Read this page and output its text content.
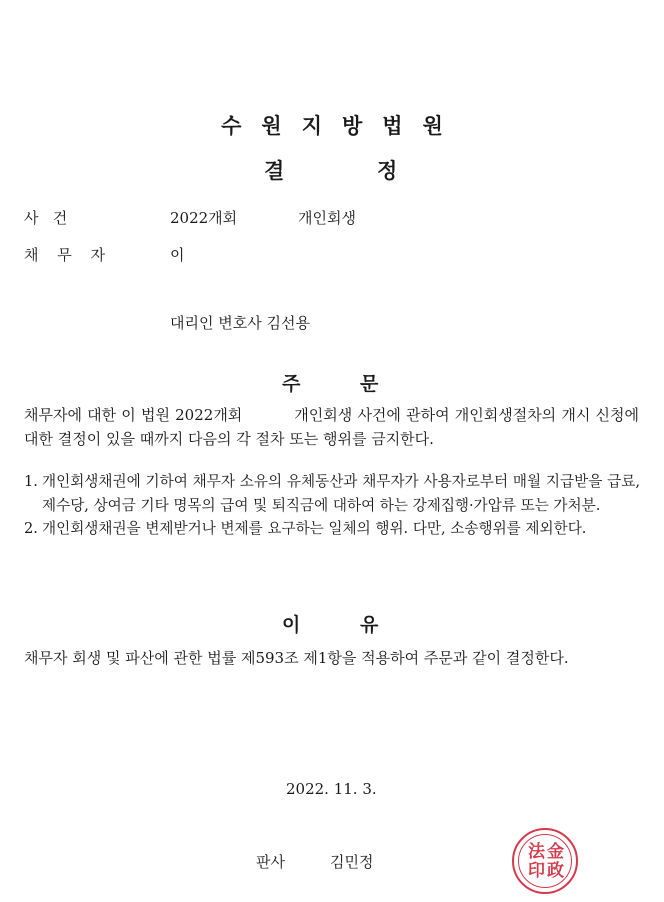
수원지방법원
결	정
사   건	2022개회	개인회생
채 무 자	이
대리인 변호사 김선용
주	문
채무자에 대한 이 법원 2022개회	개인회생 사건에 관하여 개인회생절차의 개시 신청에 대한 결정이 있을 때까지 다음의 각 절차 또는 행위를 금지한다.
1. 개인회생채권에 기하여 채무자 소유의 유체동산과 채무자가 사용자로부터 매월 지급받을 급료, 제수당, 상여금 기타 명목의 급여 및 퇴직금에 대하여 하는 강제집행·가압류 또는 가처분.
2. 개인회생채권을 변제받거나 변제를 요구하는 일체의 행위. 다만, 소송행위를 제외한다.
이	유
채무자 회생 및 파산에 관한 법률 제593조 제1항을 적용하여 주문과 같이 결정한다.
2022. 11. 3.
판사	김민정	法 金
印 政
